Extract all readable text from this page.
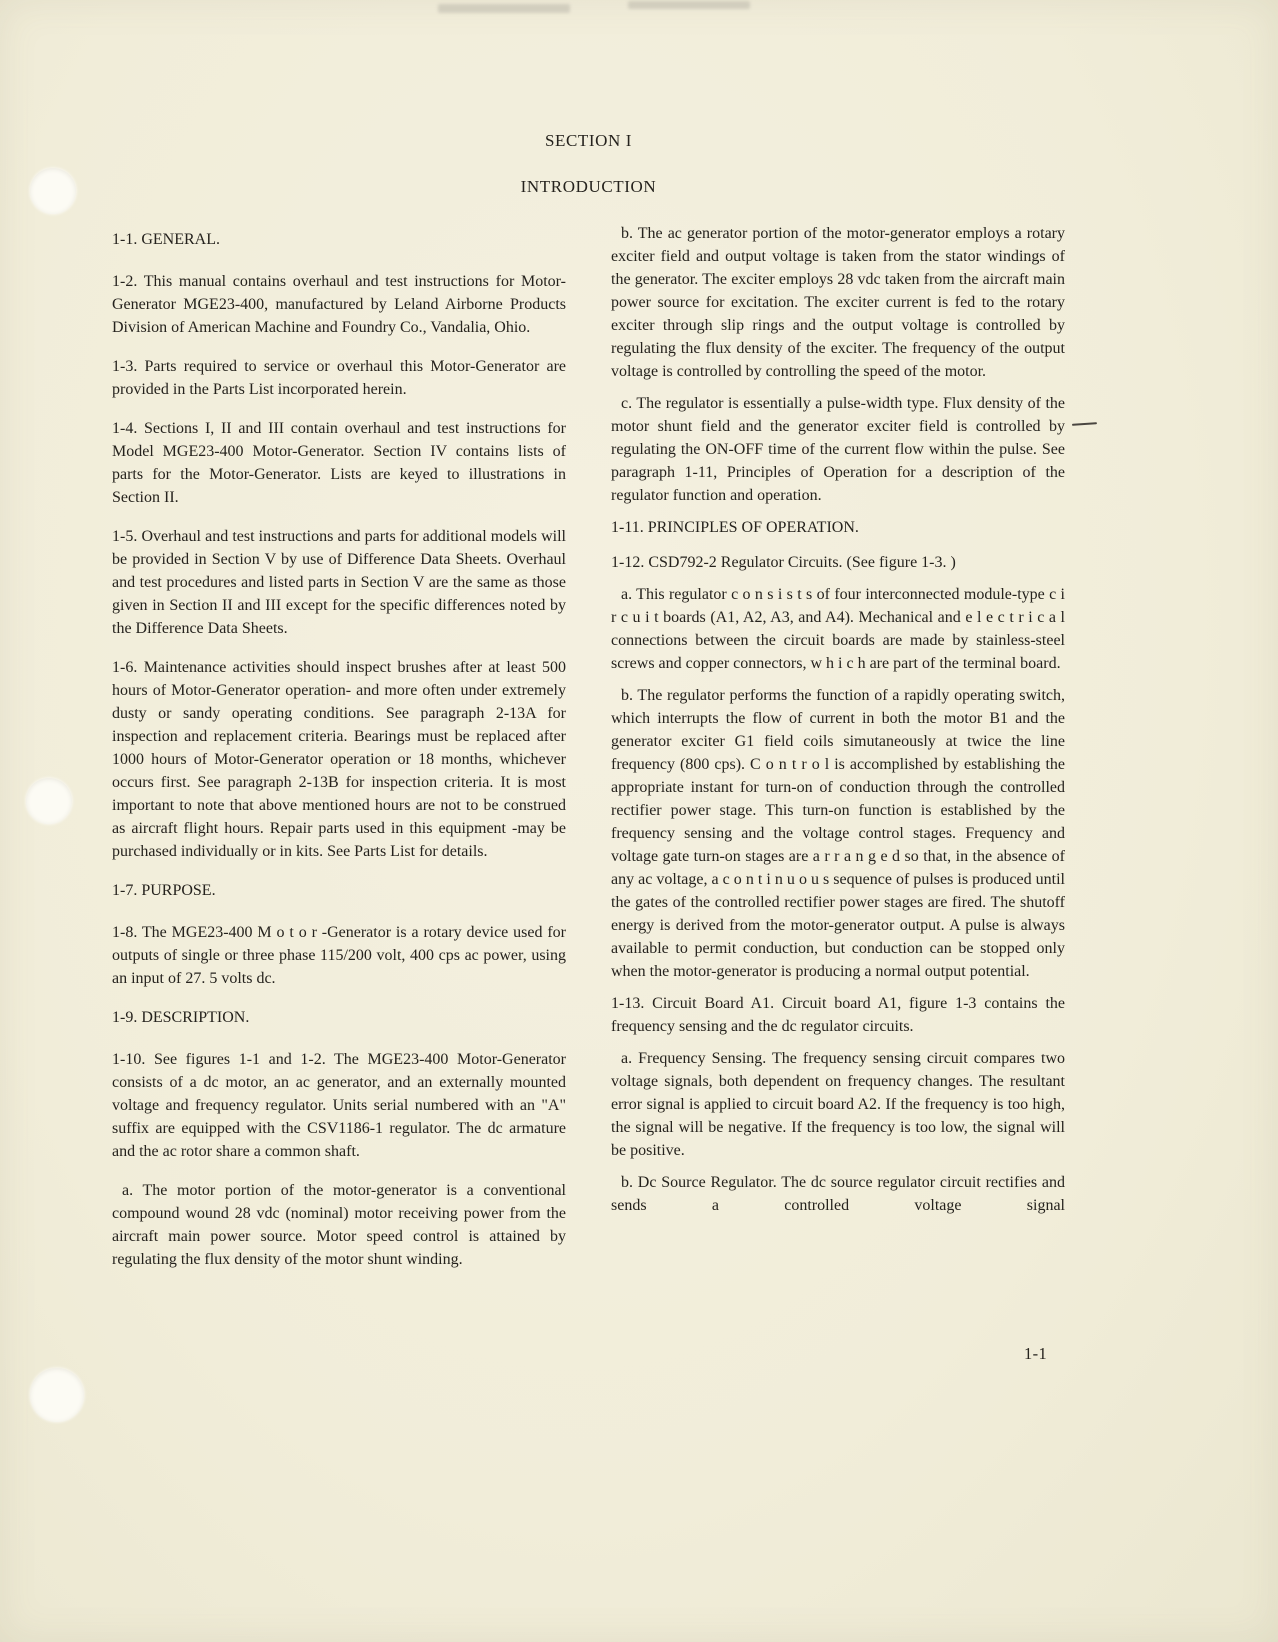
SECTION I
INTRODUCTION

1-1. GENERAL.

1-2. This manual contains overhaul and test instructions for Motor-Generator MGE23-400, manufactured by Leland Airborne Products Division of American Machine and Foundry Co., Vandalia, Ohio.

1-3. Parts required to service or overhaul this Motor-Generator are provided in the Parts List incorporated herein.

1-4. Sections I, II and III contain overhaul and test instructions for Model MGE23-400 Motor-Generator. Section IV contains lists of parts for the Motor-Generator. Lists are keyed to illustrations in Section II.

1-5. Overhaul and test instructions and parts for additional models will be provided in Section V by use of Difference Data Sheets. Overhaul and test procedures and listed parts in Section V are the same as those given in Section II and III except for the specific differences noted by the Difference Data Sheets.

1-6. Maintenance activities should inspect brushes after at least 500 hours of Motor-Generator operation- and more often under extremely dusty or sandy operating conditions. See paragraph 2-13A for inspection and replacement criteria. Bearings must be replaced after 1000 hours of Motor-Generator operation or 18 months, whichever occurs first. See paragraph 2-13B for inspection criteria. It is most important to note that above mentioned hours are not to be construed as aircraft flight hours. Repair parts used in this equipment -may be purchased individually or in kits. See Parts List for details.

1-7. PURPOSE.

1-8. The MGE23-400 M o t o r -Generator is a rotary device used for outputs of single or three phase 115/200 volt, 400 cps ac power, using an input of 27. 5 volts dc.

1-9. DESCRIPTION.

1-10. See figures 1-1 and 1-2. The MGE23-400 Motor-Generator consists of a dc motor, an ac generator, and an externally mounted voltage and frequency regulator. Units serial numbered with an "A" suffix are equipped with the CSV1186-1 regulator. The dc armature and the ac rotor share a common shaft.

a. The motor portion of the motor-generator is a conventional compound wound 28 vdc (nominal) motor receiving power from the aircraft main power source. Motor speed control is attained by regulating the flux density of the motor shunt winding.

b. The ac generator portion of the motor-generator employs a rotary exciter field and output voltage is taken from the stator windings of the generator. The exciter employs 28 vdc taken from the aircraft main power source for excitation. The exciter current is fed to the rotary exciter through slip rings and the output voltage is controlled by regulating the flux density of the exciter. The frequency of the output voltage is controlled by controlling the speed of the motor.

c. The regulator is essentially a pulse-width type. Flux density of the motor shunt field and the generator exciter field is controlled by regulating the ON-OFF time of the current flow within the pulse. See paragraph 1-11, Principles of Operation for a description of the regulator function and operation.

1-11. PRINCIPLES OF OPERATION.

1-12. CSD792-2 Regulator Circuits. (See figure 1-3. )

a. This regulator c o n s i s t s of four interconnected module-type c i r c u i t boards (A1, A2, A3, and A4). Mechanical and e l e c t r i c a l connections between the circuit boards are made by stainless-steel screws and copper connectors, w h i c h are part of the terminal board.

b. The regulator performs the function of a rapidly operating switch, which interrupts the flow of current in both the motor B1 and the generator exciter G1 field coils simutaneously at twice the line frequency (800 cps). C o n t r o l is accomplished by establishing the appropriate instant for turn-on of conduction through the controlled rectifier power stage. This turn-on function is established by the frequency sensing and the voltage control stages. Frequency and voltage gate turn-on stages are a r r a n g e d so that, in the absence of any ac voltage, a c o n t i n u o u s sequence of pulses is produced until the gates of the controlled rectifier power stages are fired. The shutoff energy is derived from the motor-generator output. A pulse is always available to permit conduction, but conduction can be stopped only when the motor-generator is producing a normal output potential.

1-13. Circuit Board A1. Circuit board A1, figure 1-3 contains the frequency sensing and the dc regulator circuits.

a. Frequency Sensing. The frequency sensing circuit compares two voltage signals, both dependent on frequency changes. The resultant error signal is applied to circuit board A2. If the frequency is too high, the signal will be negative. If the frequency is too low, the signal will be positive.

b. Dc Source Regulator. The dc source regulator circuit rectifies and sends a controlled voltage signal

1-1
